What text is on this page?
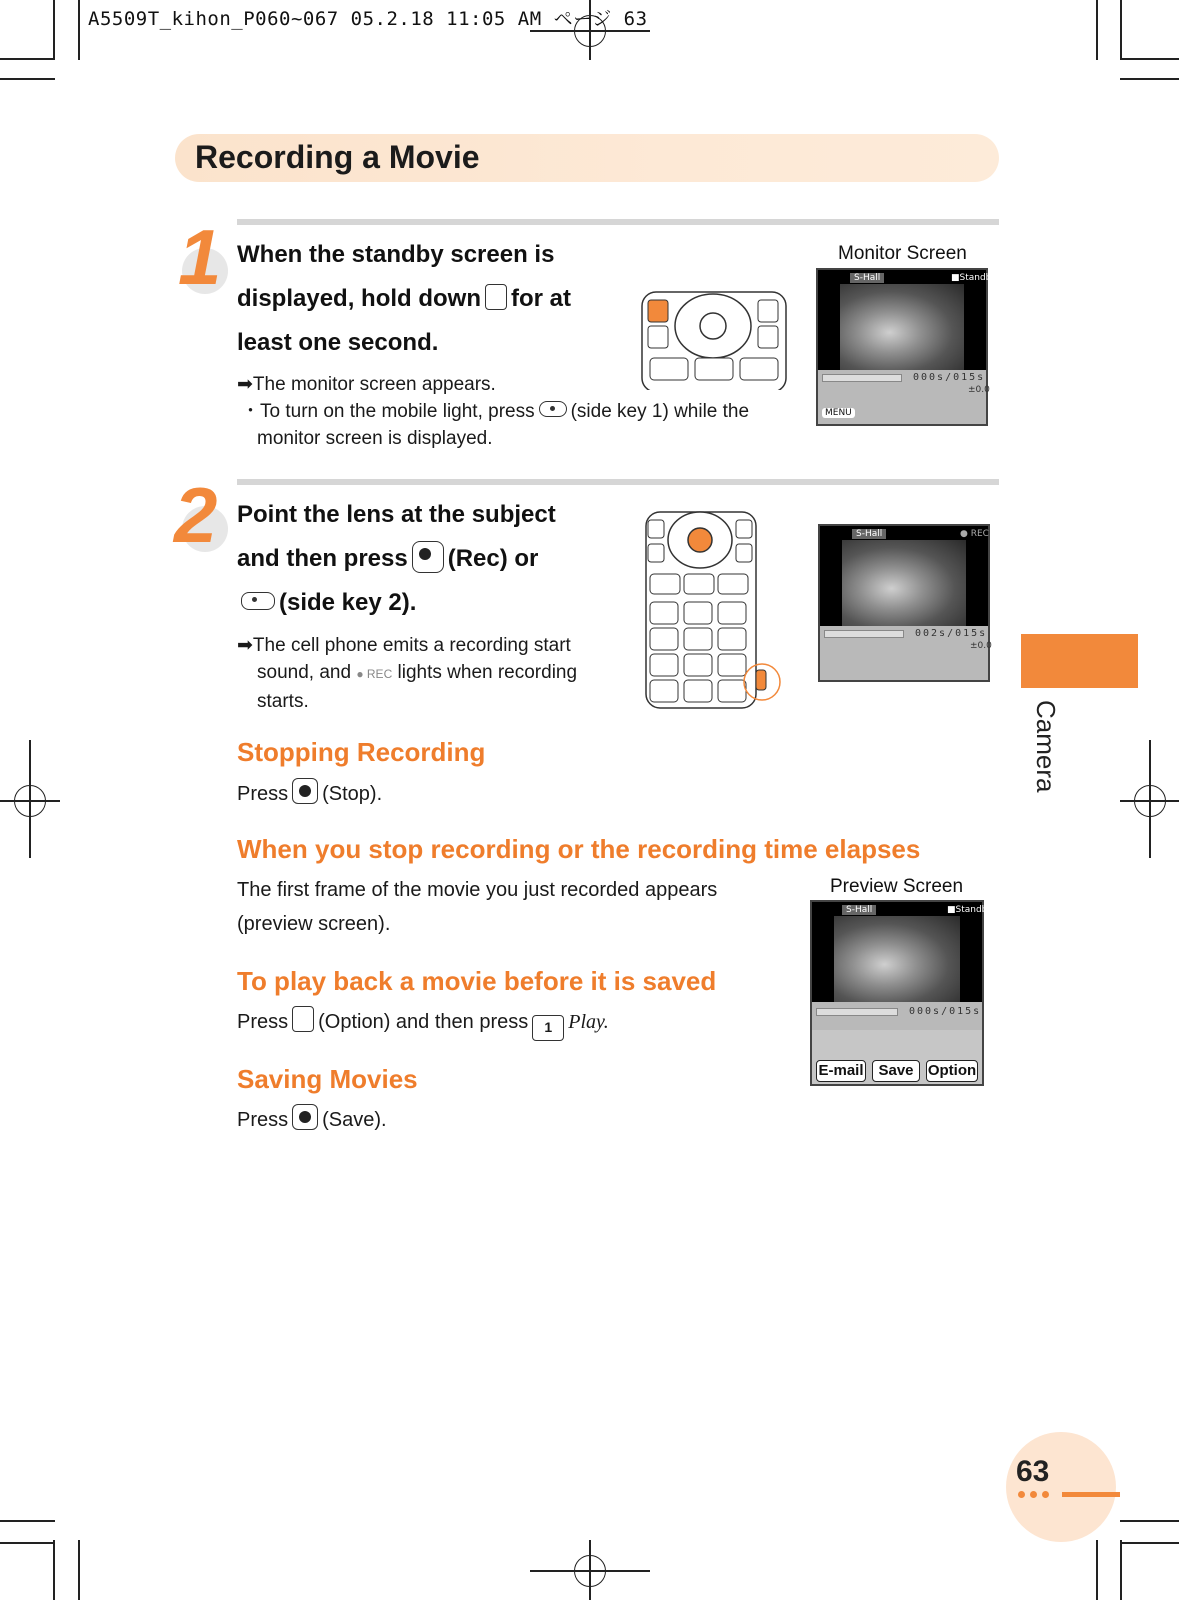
A5509T_kihon_P060~067 05.2.18 11:05 AM ページ 63
Recording a Movie
1 When the standby screen is
displayed, hold down for at
least one second.
➡The monitor screen appears.
・To turn on the mobile light, press (side key 1) while the
monitor screen is displayed.
Monitor Screen
S-Hall	■Standby
000s/015s
±0.0
MENU
2 Point the lens at the subject
and then press (Rec) or
(side key 2).
➡The cell phone emits a recording start
sound, and ● REC lights when recording
starts.
S-Hall	● REC
002s/015s
±0.0
Stopping Recording
Press (Stop).
When you stop recording or the recording time elapses
The first frame of the movie you just recorded appears
(preview screen).
Preview Screen
S-Hall	■Standby
000s/015s
E-mail Save Option
To play back a movie before it is saved
Press (Option) and then press 1 Play.
Saving Movies
Press (Save).
Camera
63
